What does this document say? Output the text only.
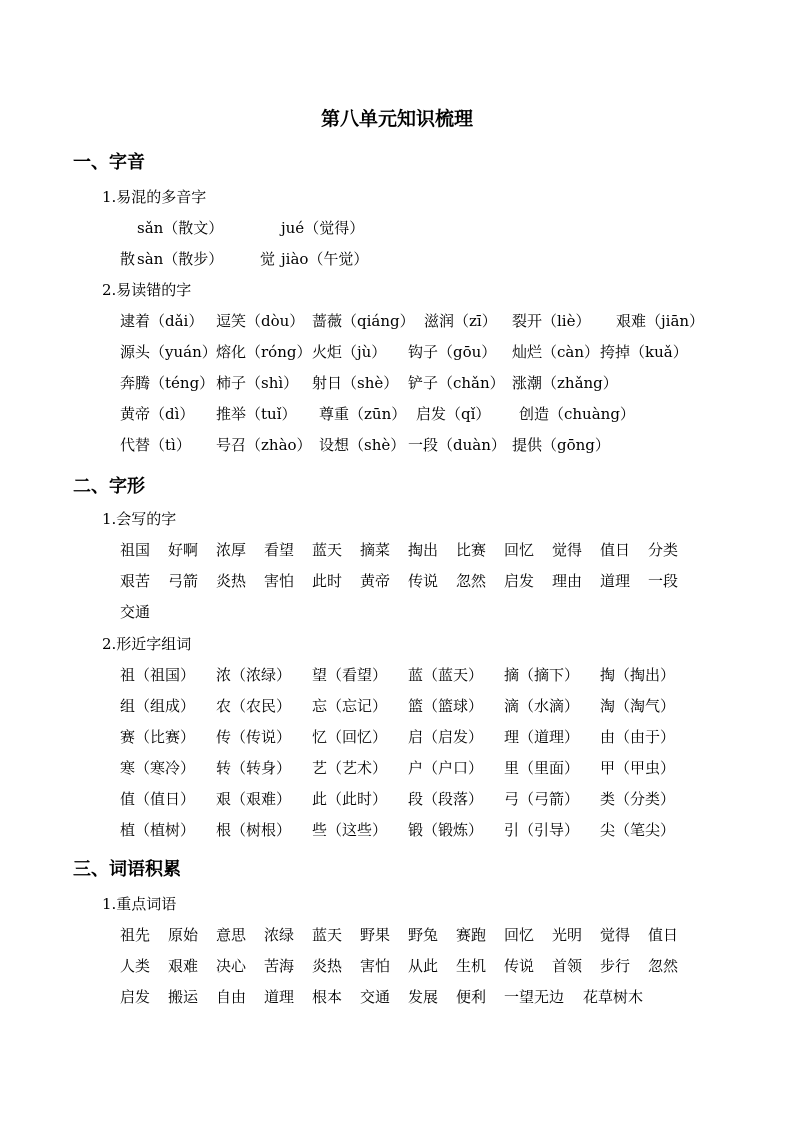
第八单元知识梳理
一、字音
1.易混的多音字
sǎn（散文）	jué（觉得）
散 sàn（散步） 觉 jiào（午觉）
2.易读错的字
逮着（dǎi） 逗笑（dòu） 蔷薇（qiáng） 滋润（zī） 裂开（liè） 艰难（jiān）
源头（yuán） 熔化（róng） 火炬（jù） 钩子（gōu） 灿烂（càn） 挎掉（kuǎ）
奔腾（téng） 柿子（shì） 射日（shè） 铲子（chǎn） 涨潮（zhǎng）
黄帝（dì） 推举（tuǐ） 尊重（zūn） 启发（qǐ） 创造（chuàng）
代替（tì） 号召（zhào） 设想（shè） 一段（duàn） 提供（gōng）
二、字形
1.会写的字
祖国 好啊 浓厚 看望 蓝天 摘菜 掏出 比赛 回忆 觉得 值日 分类
艰苦 弓箭 炎热 害怕 此时 黄帝 传说 忽然 启发 理由 道理 一段
交通
2.形近字组词
祖（祖国） 浓（浓绿） 望（看望） 蓝（蓝天） 摘（摘下） 掏（掏出）
组（组成） 农（农民） 忘（忘记） 篮（篮球） 滴（水滴） 淘（淘气）
赛（比赛） 传（传说） 忆（回忆） 启（启发） 理（道理） 由（由于）
寒（寒冷） 转（转身） 艺（艺术） 户（户口） 里（里面） 甲（甲虫）
值（值日） 艰（艰难） 此（此时） 段（段落） 弓（弓箭） 类（分类）
植（植树） 根（树根） 些（这些） 锻（锻炼） 引（引导） 尖（笔尖）
三、词语积累
1.重点词语
祖先 原始 意思 浓绿 蓝天 野果 野兔 赛跑 回忆 光明 觉得 值日
人类 艰难 决心 苦海 炎热 害怕 从此 生机 传说 首领 步行 忽然
启发 搬运 自由 道理 根本 交通 发展 便利 一望无边 花草树木
